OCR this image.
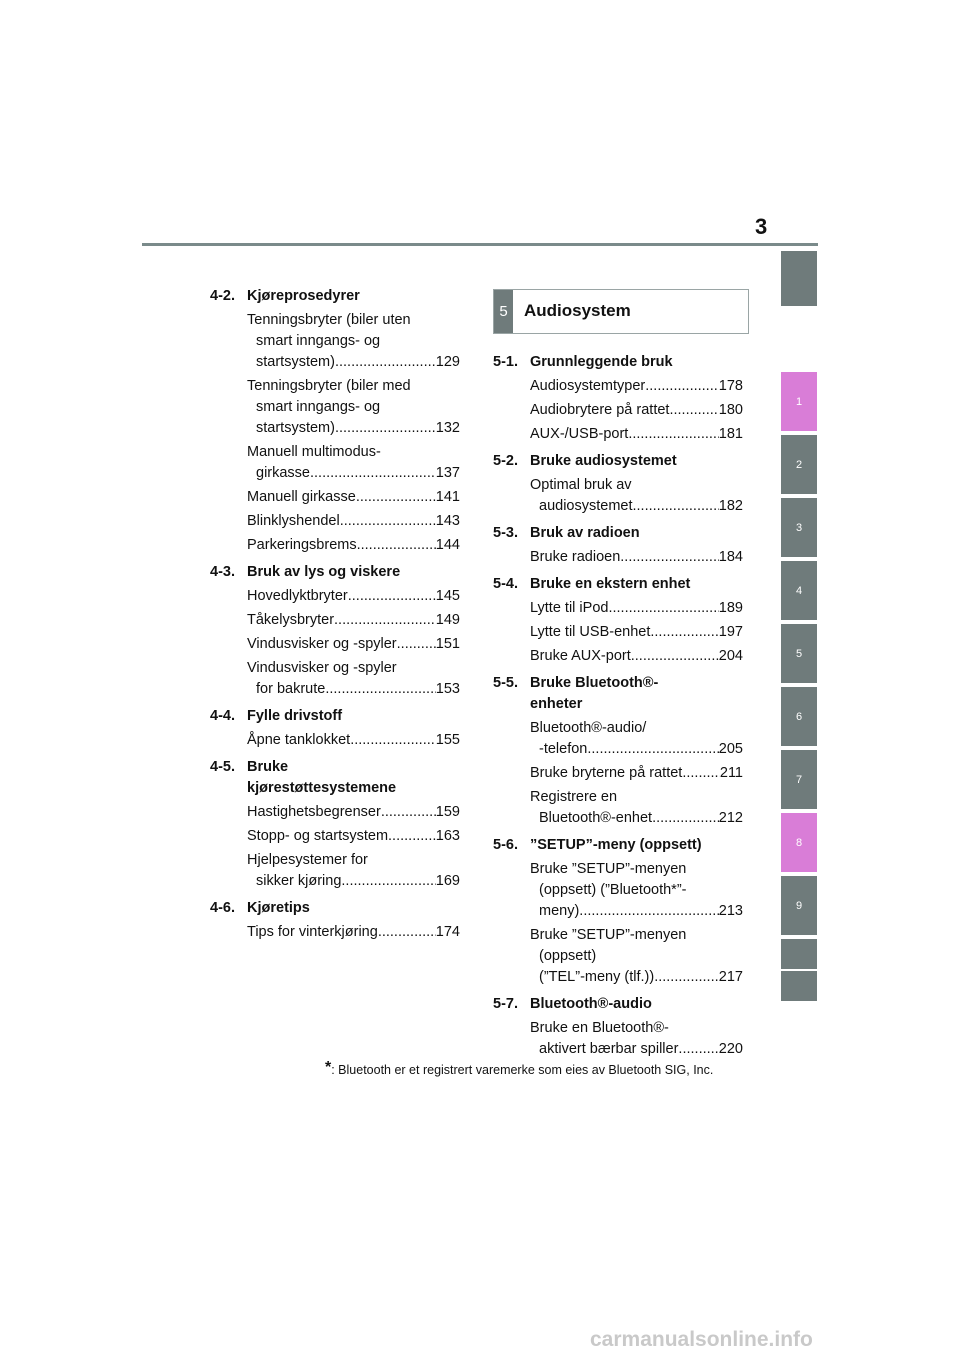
3
4-2. Kjøreprosedyrer
Tenningsbryter (biler uten
smart inngangs- og
startsystem) .....	129
Tenningsbryter (biler med
smart inngangs- og
startsystem) .....	132
Manuell multimodus-
girkasse .....	137
Manuell girkasse .....	141
Blinklyshendel .....	143
Parkeringsbrems .....	144
4-3. Bruk av lys og viskere
Hovedlyktbryter .....	145
Tåkelysbryter .....	149
Vindusvisker og -spyler .....	151
Vindusvisker og -spyler
for bakrute .....	153
4-4. Fylle drivstoff
Åpne tanklokket .....	155
4-5. Bruke
kjørestøttesystemene
Hastighetsbegrenser .....	159
Stopp- og startsystem .....	163
Hjelpesystemer for
sikker kjøring .....	169
4-6. Kjøretips
Tips for vinterkjøring .....	174
5 Audiosystem
5-1. Grunnleggende bruk
Audiosystemtyper .....	178
Audiobrytere på rattet .....	180
AUX-/USB-port .....	181
5-2. Bruke audiosystemet
Optimal bruk av
audiosystemet .....	182
5-3. Bruk av radioen
Bruke radioen .....	184
5-4. Bruke en ekstern enhet
Lytte til iPod .....	189
Lytte til USB-enhet .....	197
Bruke AUX-port .....	204
5-5. Bruke Bluetooth®-
enheter
Bluetooth®-audio/
-telefon .....	205
Bruke bryterne på rattet .....	211
Registrere en
Bluetooth®-enhet .....	212
5-6. ”SETUP”-meny (oppsett)
Bruke ”SETUP”-menyen
(oppsett) (”Bluetooth*”-
meny) .....	213
Bruke ”SETUP”-menyen
(oppsett)
(”TEL”-meny (tlf.)) .....	217
5-7. Bluetooth®-audio
Bruke en Bluetooth®-
aktivert bærbar spiller .....	220
1
2
3
4
5
6
7
8
9
*: Bluetooth er et registrert varemerke som eies av Bluetooth SIG, Inc.
carmanualsonline.info
